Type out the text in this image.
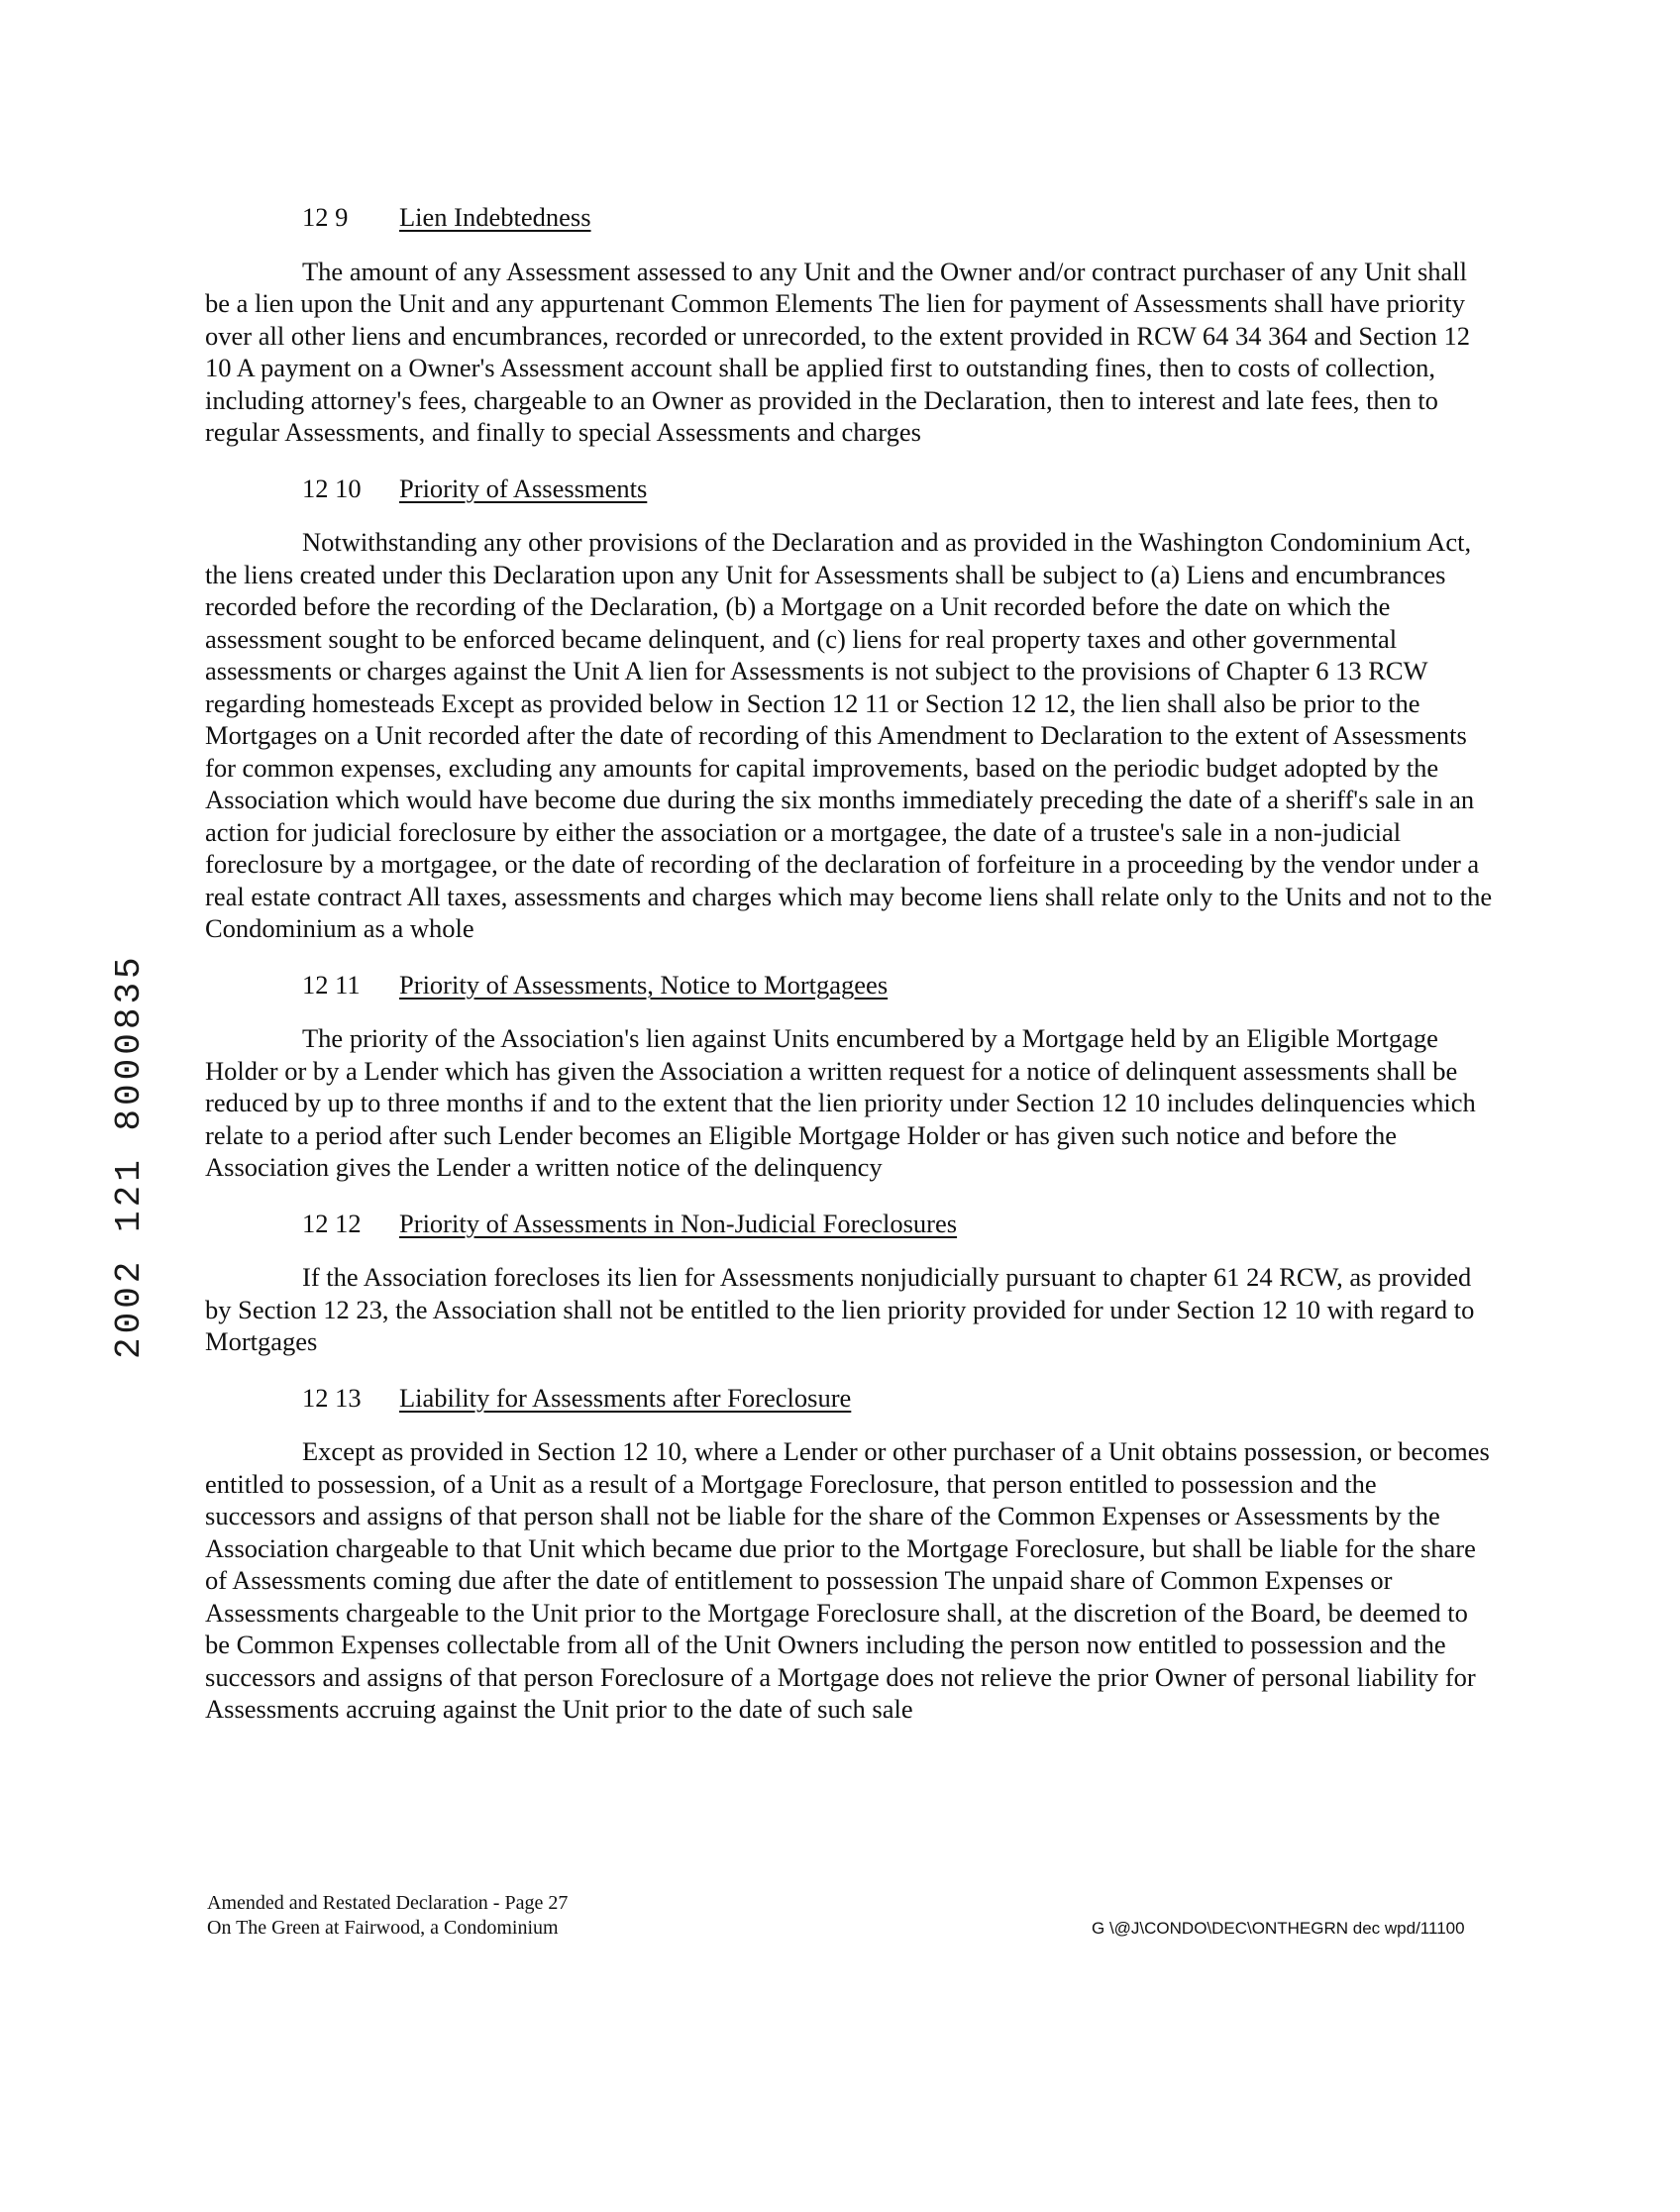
12 9 Lien Indebtedness

The amount of any Assessment assessed to any Unit and the Owner and/or contract purchaser of any Unit shall be a lien upon the Unit and any appurtenant Common Elements The lien for payment of Assessments shall have priority over all other liens and encumbrances, recorded or unrecorded, to the extent provided in RCW 64 34 364 and Section 12 10 A payment on a Owner's Assessment account shall be applied first to outstanding fines, then to costs of collection, including attorney's fees, chargeable to an Owner as provided in the Declaration, then to interest and late fees, then to regular Assessments, and finally to special Assessments and charges

12 10 Priority of Assessments

Notwithstanding any other provisions of the Declaration and as provided in the Washington Condominium Act, the liens created under this Declaration upon any Unit for Assessments shall be subject to (a) Liens and encumbrances recorded before the recording of the Declaration, (b) a Mortgage on a Unit recorded before the date on which the assessment sought to be enforced became delinquent, and (c) liens for real property taxes and other governmental assessments or charges against the Unit A lien for Assessments is not subject to the provisions of Chapter 6 13 RCW regarding homesteads Except as provided below in Section 12 11 or Section 12 12, the lien shall also be prior to the Mortgages on a Unit recorded after the date of recording of this Amendment to Declaration to the extent of Assessments for common expenses, excluding any amounts for capital improvements, based on the periodic budget adopted by the Association which would have become due during the six months immediately preceding the date of a sheriff's sale in an action for judicial foreclosure by either the association or a mortgagee, the date of a trustee's sale in a non-judicial foreclosure by a mortgagee, or the date of recording of the declaration of forfeiture in a proceeding by the vendor under a real estate contract All taxes, assessments and charges which may become liens shall relate only to the Units and not to the Condominium as a whole

12 11 Priority of Assessments, Notice to Mortgagees

The priority of the Association's lien against Units encumbered by a Mortgage held by an Eligible Mortgage Holder or by a Lender which has given the Association a written request for a notice of delinquent assessments shall be reduced by up to three months if and to the extent that the lien priority under Section 12 10 includes delinquencies which relate to a period after such Lender becomes an Eligible Mortgage Holder or has given such notice and before the Association gives the Lender a written notice of the delinquency

12 12 Priority of Assessments in Non-Judicial Foreclosures

If the Association forecloses its lien for Assessments nonjudicially pursuant to chapter 61 24 RCW, as provided by Section 12 23, the Association shall not be entitled to the lien priority provided for under Section 12 10 with regard to Mortgages

12 13 Liability for Assessments after Foreclosure

Except as provided in Section 12 10, where a Lender or other purchaser of a Unit obtains possession, or becomes entitled to possession, of a Unit as a result of a Mortgage Foreclosure, that person entitled to possession and the successors and assigns of that person shall not be liable for the share of the Common Expenses or Assessments by the Association chargeable to that Unit which became due prior to the Mortgage Foreclosure, but shall be liable for the share of Assessments coming due after the date of entitlement to possession The unpaid share of Common Expenses or Assessments chargeable to the Unit prior to the Mortgage Foreclosure shall, at the discretion of the Board, be deemed to be Common Expenses collectable from all of the Unit Owners including the person now entitled to possession and the successors and assigns of that person Foreclosure of a Mortgage does not relieve the prior Owner of personal liability for Assessments accruing against the Unit prior to the date of such sale

2002 121 8000835
Amended and Restated Declaration - Page 27
On The Green at Fairwood, a Condominium	G \@J\CONDO\DEC\ONTHEGRN dec wpd/11100
